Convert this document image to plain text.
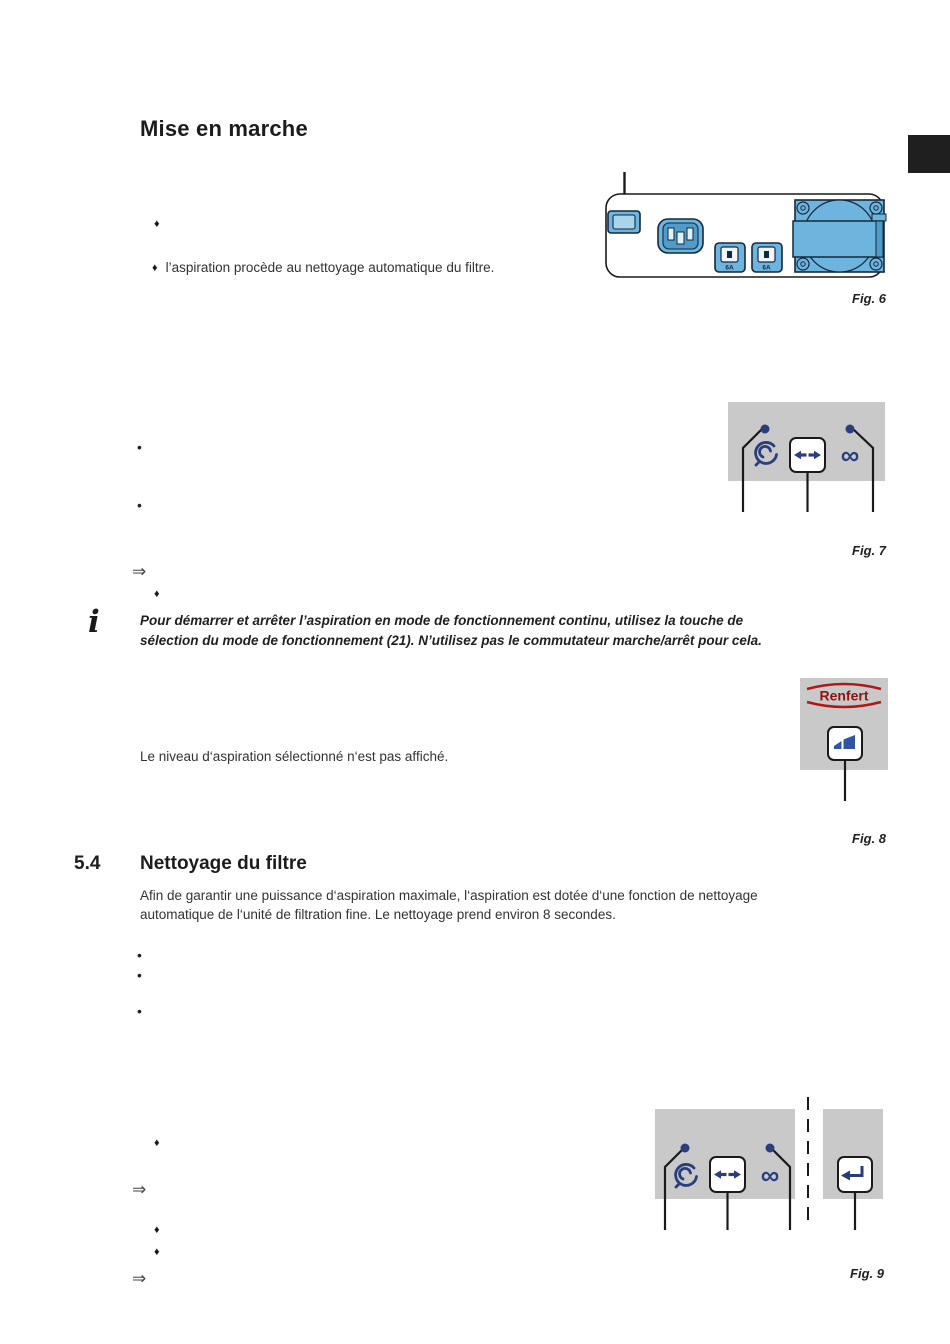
Mise en marche
♦
♦ l’aspiration procède au nettoyage automatique du filtre.	6A	6A
Fig. 6
•
•
∞
Fig. 7
⇒
♦
i	Pour démarrer et arrêter l’aspiration en mode de fonctionnement continu, utilisez la touche de
sélection du mode de fonctionnement (21). N’utilisez pas le commutateur marche/arrêt pour cela.
Renfert
Fig. 8
Le niveau d‘aspiration sélectionné n‘est pas affiché.
5.4 Nettoyage du filtre
Afin de garantir une puissance d‘aspiration maximale, l‘aspiration est dotée d‘une fonction de nettoyage
automatique de l‘unité de filtration fine. Le nettoyage prend environ 8 secondes.
•
•
•
∞
Fig. 9
♦
⇒
♦
♦
⇒
